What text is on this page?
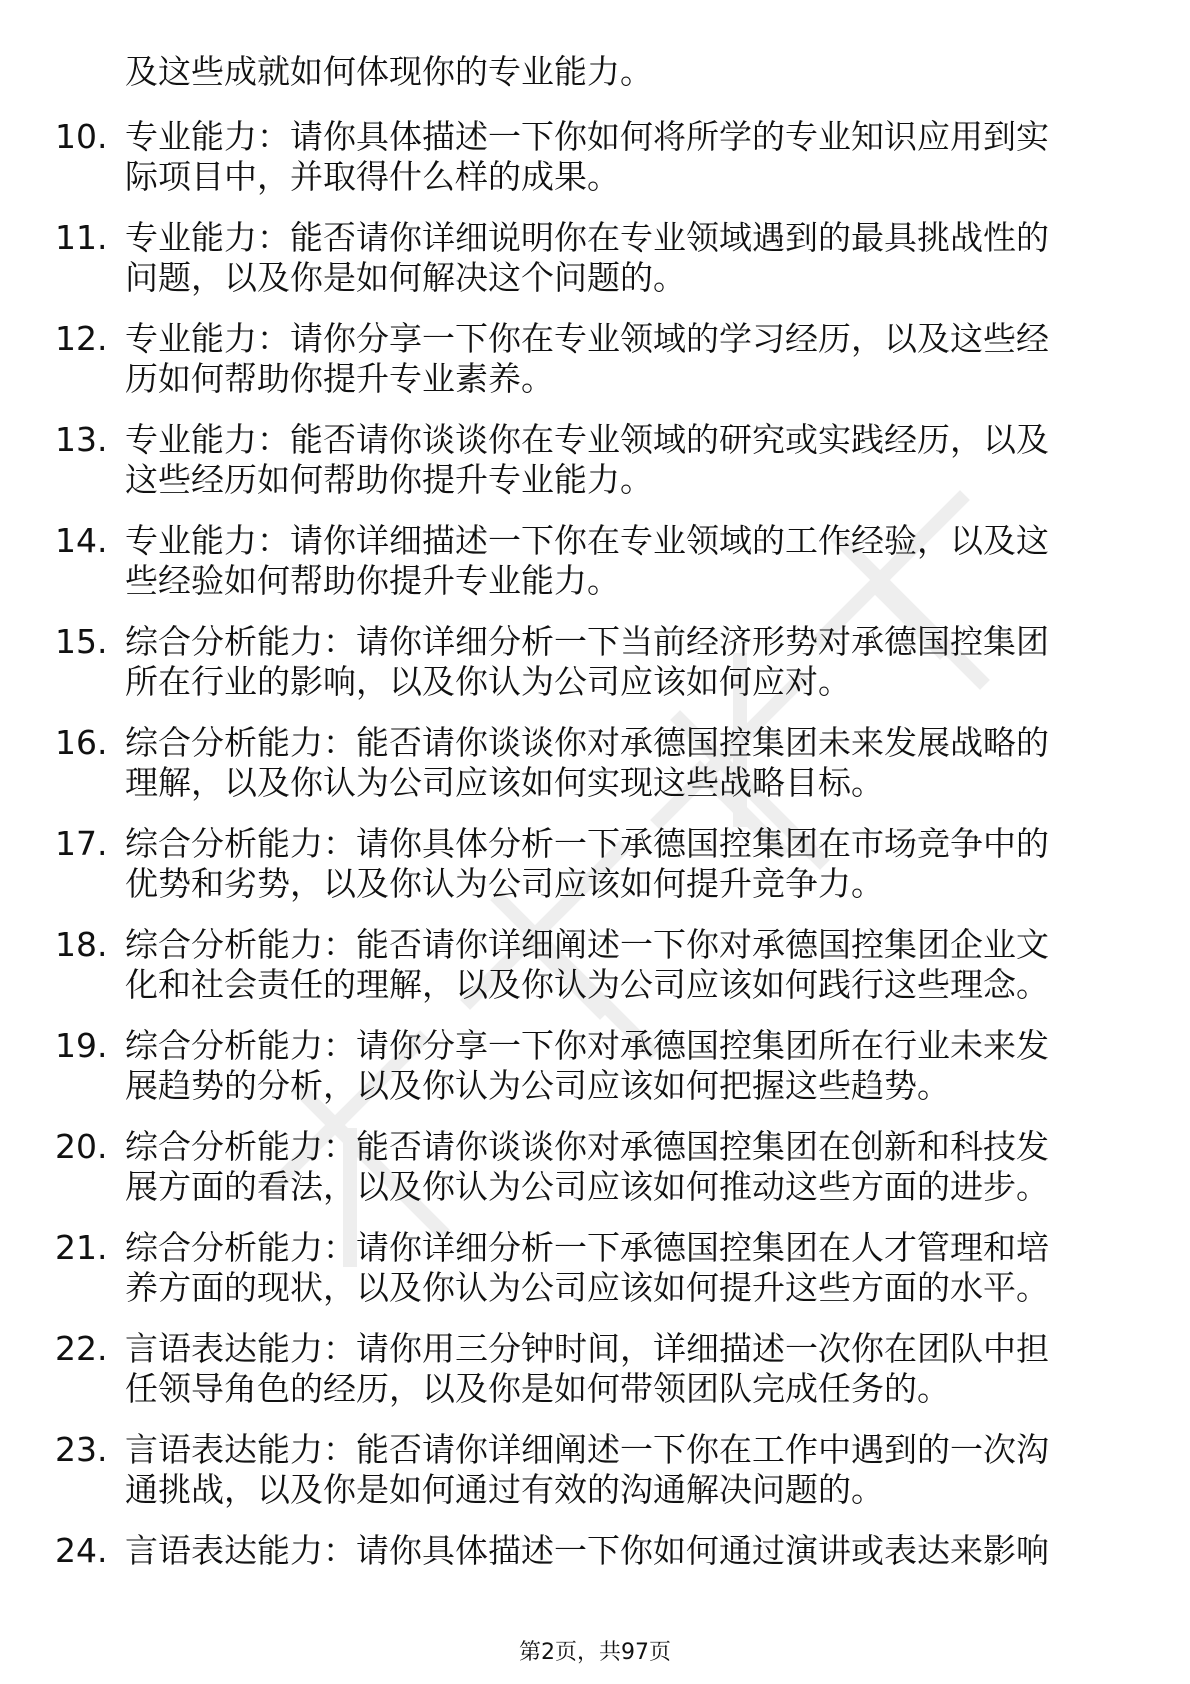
及这些成就如何体现你的专业能力。
10. 专业能力：请你具体描述一下你如何将所学的专业知识应用到实
际项目中，并取得什么样的成果。
11. 专业能力：能否请你详细说明你在专业领域遇到的最具挑战性的
问题，以及你是如何解决这个问题的。
12. 专业能力：请你分享一下你在专业领域的学习经历，以及这些经
历如何帮助你提升专业素养。
13. 专业能力：能否请你谈谈你在专业领域的研究或实践经历，以及
这些经历如何帮助你提升专业能力。
14. 专业能力：请你详细描述一下你在专业领域的工作经验，以及这
些经验如何帮助你提升专业能力。
15. 综合分析能力：请你详细分析一下当前经济形势对承德国控集团
所在行业的影响，以及你认为公司应该如何应对。
16. 综合分析能力：能否请你谈谈你对承德国控集团未来发展战略的
理解，以及你认为公司应该如何实现这些战略目标。
17. 综合分析能力：请你具体分析一下承德国控集团在市场竞争中的
优势和劣势，以及你认为公司应该如何提升竞争力。
18. 综合分析能力：能否请你详细阐述一下你对承德国控集团企业文
化和社会责任的理解，以及你认为公司应该如何践行这些理念。
19. 综合分析能力：请你分享一下你对承德国控集团所在行业未来发
展趋势的分析，以及你认为公司应该如何把握这些趋势。
20. 综合分析能力：能否请你谈谈你对承德国控集团在创新和科技发
展方面的看法，以及你认为公司应该如何推动这些方面的进步。
21. 综合分析能力：请你详细分析一下承德国控集团在人才管理和培
养方面的现状，以及你认为公司应该如何提升这些方面的水平。
22. 言语表达能力：请你用三分钟时间，详细描述一次你在团队中担
任领导角色的经历，以及你是如何带领团队完成任务的。
23. 言语表达能力：能否请你详细阐述一下你在工作中遇到的一次沟
通挑战，以及你是如何通过有效的沟通解决问题的。
24. 言语表达能力：请你具体描述一下你如何通过演讲或表达来影响
第2页，共97页
